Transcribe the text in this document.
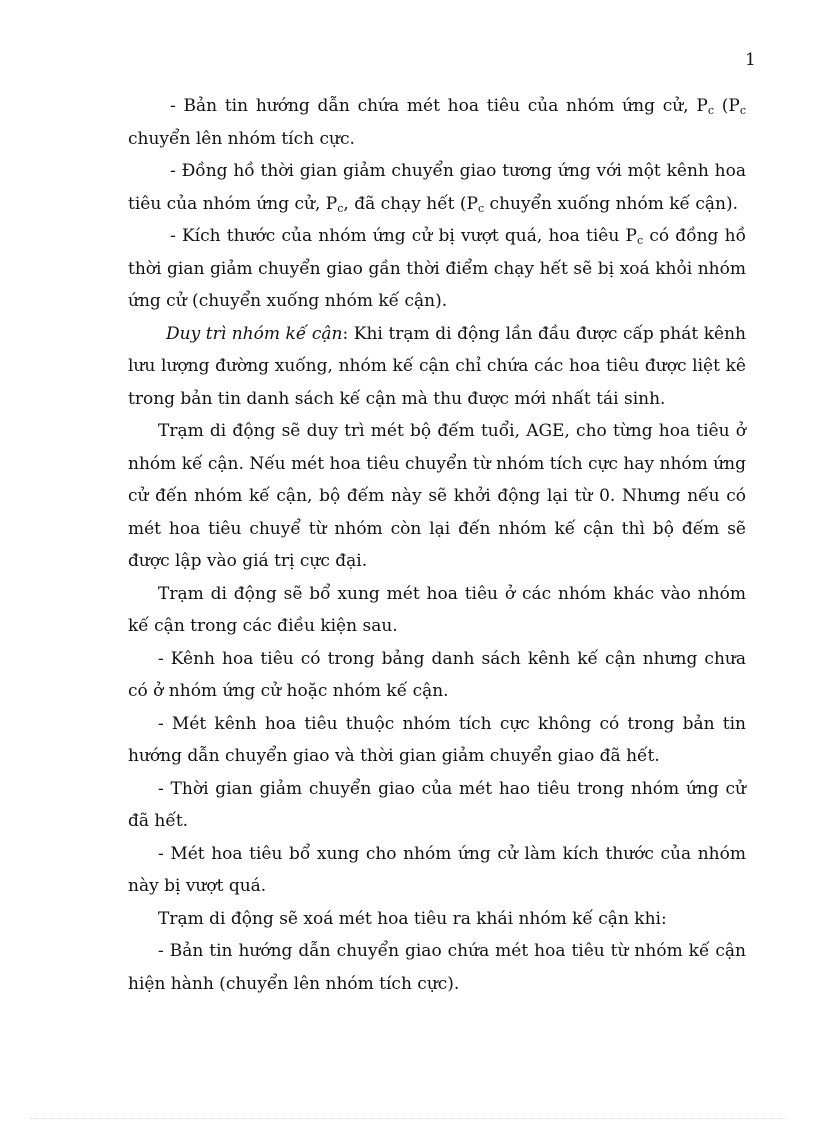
1

- Bản tin hướng dẫn chứa mét hoa tiêu của nhóm ứng cử, $P_c$ ($P_c$ chuyển lên nhóm tích cực.

- Đồng hồ thời gian giảm chuyển giao tương ứng với một kênh hoa tiêu của nhóm ứng cử, $P_c$, đã chạy hết ($P_c$ chuyển xuống nhóm kế cận).

- Kích thước của nhóm ứng cử bị vượt quá, hoa tiêu $P_c$ có đồng hồ thời gian giảm chuyển giao gần thời điểm chạy hết sẽ bị xoá khỏi nhóm ứng cử (chuyển xuống nhóm kế cận).

Duy trì nhóm kế cận: Khi trạm di động lần đầu được cấp phát kênh lưu lượng đường xuống, nhóm kế cận chỉ chứa các hoa tiêu được liệt kê trong bản tin danh sách kế cận mà thu được mới nhất tái sinh.

Trạm di động sẽ duy trì mét bộ đếm tuổi, AGE, cho từng hoa tiêu ở nhóm kế cận. Nếu mét hoa tiêu chuyển từ nhóm tích cực hay nhóm ứng cử đến nhóm kế cận, bộ đếm này sẽ khởi động lại từ 0. Nhưng nếu có mét hoa tiêu chuyể từ nhóm còn lại đến nhóm kế cận thì bộ đếm sẽ được lập vào giá trị cực đại.

Trạm di động sẽ bổ xung mét hoa tiêu ở các nhóm khác vào nhóm kế cận trong các điều kiện sau.

- Kênh hoa tiêu có trong bảng danh sách kênh kế cận nhưng chưa có ở nhóm ứng cử hoặc nhóm kế cận.

- Mét kênh hoa tiêu thuộc nhóm tích cực không có trong bản tin hướng dẫn chuyển giao và thời gian giảm chuyển giao đã hết.

- Thời gian giảm chuyển giao của mét hao tiêu trong nhóm ứng cử đã hết.

- Mét hoa tiêu bổ xung cho nhóm ứng cử làm kích thước của nhóm này bị vượt quá.

Trạm di động sẽ xoá mét hoa tiêu ra khái nhóm kế cận khi:

- Bản tin hướng dẫn chuyển giao chứa mét hoa tiêu từ nhóm kế cận hiện hành (chuyển lên nhóm tích cực).
